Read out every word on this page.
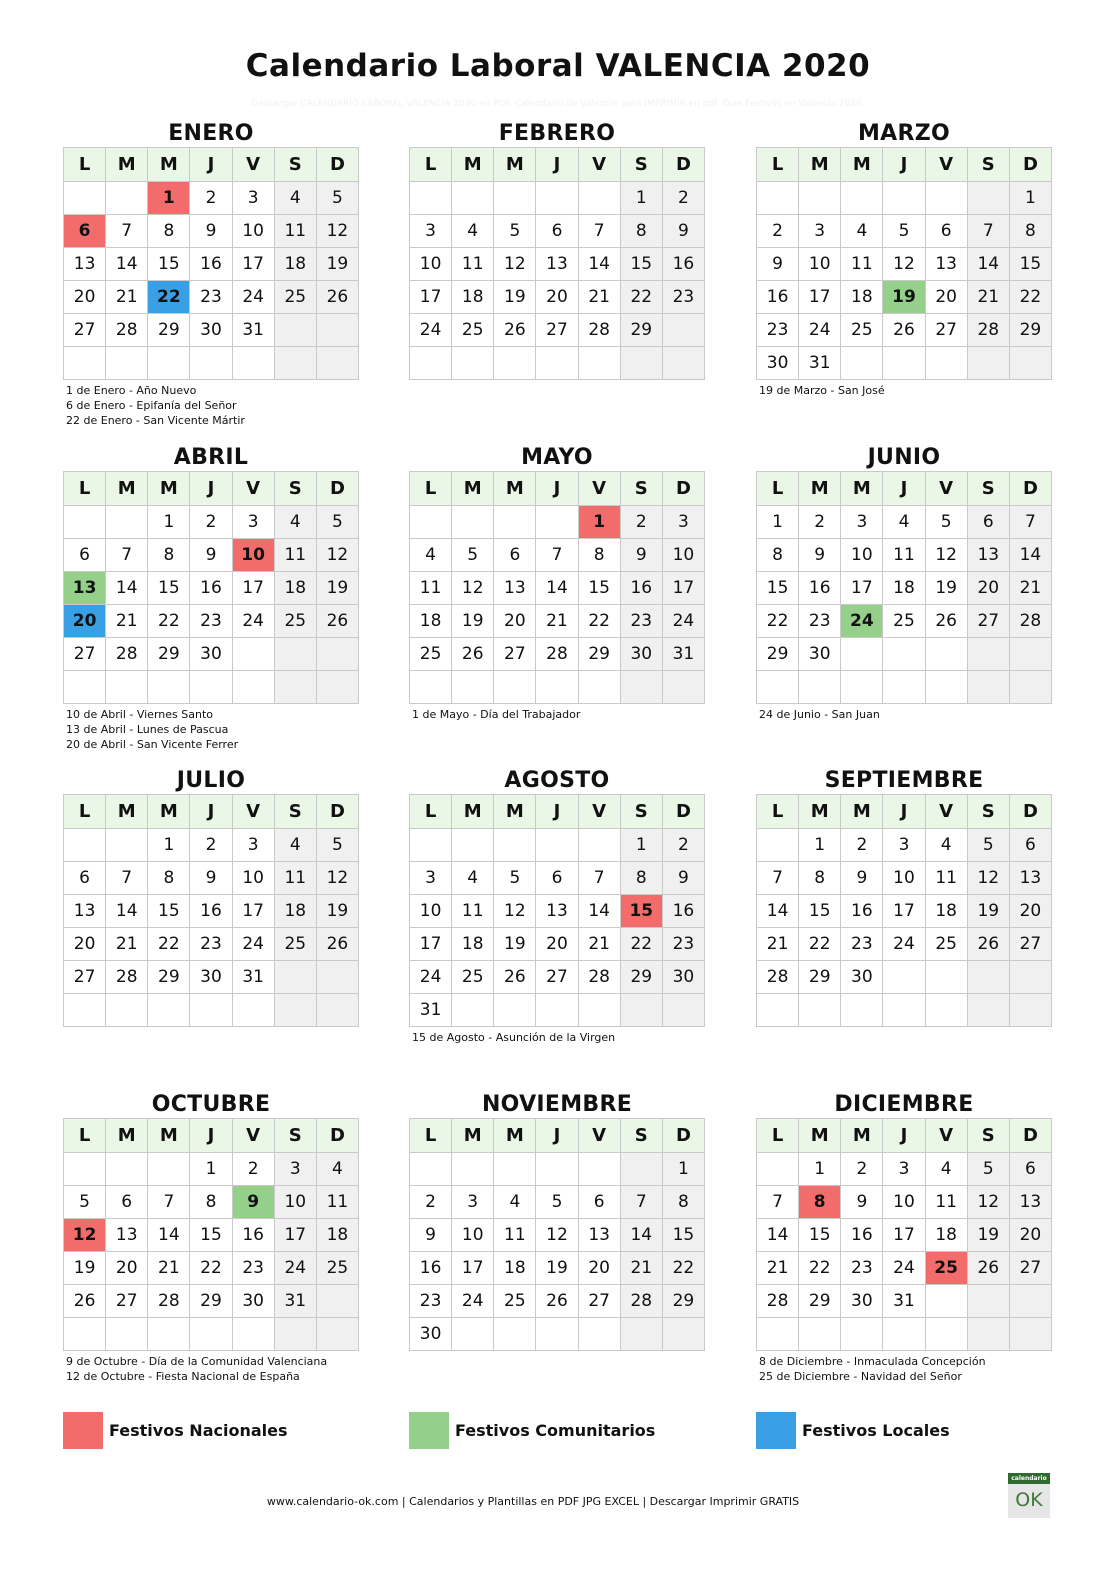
Calendario Laboral VALENCIA 2020
Descargar CALENDARIO LABORAL VALENCIA 2020 en PDF. Calendario de Valencia para IMPRIMIR en pdf. Dias Festivos en Valencia 2020.
ENERO
L	M	M	J	V	S	D
		1	2	3	4	5
6	7	8	9	10	11	12
13	14	15	16	17	18	19
20	21	22	23	24	25	26
27	28	29	30	31		

1 de Enero - Año Nuevo
6 de Enero - Epifanía del Señor
22 de Enero - San Vicente Mártir
FEBRERO
L	M	M	J	V	S	D
					1	2
3	4	5	6	7	8	9
10	11	12	13	14	15	16
17	18	19	20	21	22	23
24	25	26	27	28	29	

MARZO
L	M	M	J	V	S	D
						1
2	3	4	5	6	7	8
9	10	11	12	13	14	15
16	17	18	19	20	21	22
23	24	25	26	27	28	29
30	31					
19 de Marzo - San José
ABRIL
L	M	M	J	V	S	D
		1	2	3	4	5
6	7	8	9	10	11	12
13	14	15	16	17	18	19
20	21	22	23	24	25	26
27	28	29	30			

10 de Abril - Viernes Santo
13 de Abril - Lunes de Pascua
20 de Abril - San Vicente Ferrer
MAYO
L	M	M	J	V	S	D
				1	2	3
4	5	6	7	8	9	10
11	12	13	14	15	16	17
18	19	20	21	22	23	24
25	26	27	28	29	30	31

1 de Mayo - Día del Trabajador
JUNIO
L	M	M	J	V	S	D
1	2	3	4	5	6	7
8	9	10	11	12	13	14
15	16	17	18	19	20	21
22	23	24	25	26	27	28
29	30					

24 de Junio - San Juan
JULIO
L	M	M	J	V	S	D
		1	2	3	4	5
6	7	8	9	10	11	12
13	14	15	16	17	18	19
20	21	22	23	24	25	26
27	28	29	30	31		

AGOSTO
L	M	M	J	V	S	D
					1	2
3	4	5	6	7	8	9
10	11	12	13	14	15	16
17	18	19	20	21	22	23
24	25	26	27	28	29	30
31						
15 de Agosto - Asunción de la Virgen
SEPTIEMBRE
L	M	M	J	V	S	D
	1	2	3	4	5	6
7	8	9	10	11	12	13
14	15	16	17	18	19	20
21	22	23	24	25	26	27
28	29	30				

OCTUBRE
L	M	M	J	V	S	D
			1	2	3	4
5	6	7	8	9	10	11
12	13	14	15	16	17	18
19	20	21	22	23	24	25
26	27	28	29	30	31	

9 de Octubre - Día de la Comunidad Valenciana
12 de Octubre - Fiesta Nacional de España
NOVIEMBRE
L	M	M	J	V	S	D
						1
2	3	4	5	6	7	8
9	10	11	12	13	14	15
16	17	18	19	20	21	22
23	24	25	26	27	28	29
30						
DICIEMBRE
L	M	M	J	V	S	D
	1	2	3	4	5	6
7	8	9	10	11	12	13
14	15	16	17	18	19	20
21	22	23	24	25	26	27
28	29	30	31			

8 de Diciembre - Inmaculada Concepción
25 de Diciembre - Navidad del Señor
Festivos Nacionales	Festivos Comunitarios	Festivos Locales
www.calendario-ok.com | Calendarios y Plantillas en PDF JPG EXCEL | Descargar Imprimir GRATIS
calendario
OK
